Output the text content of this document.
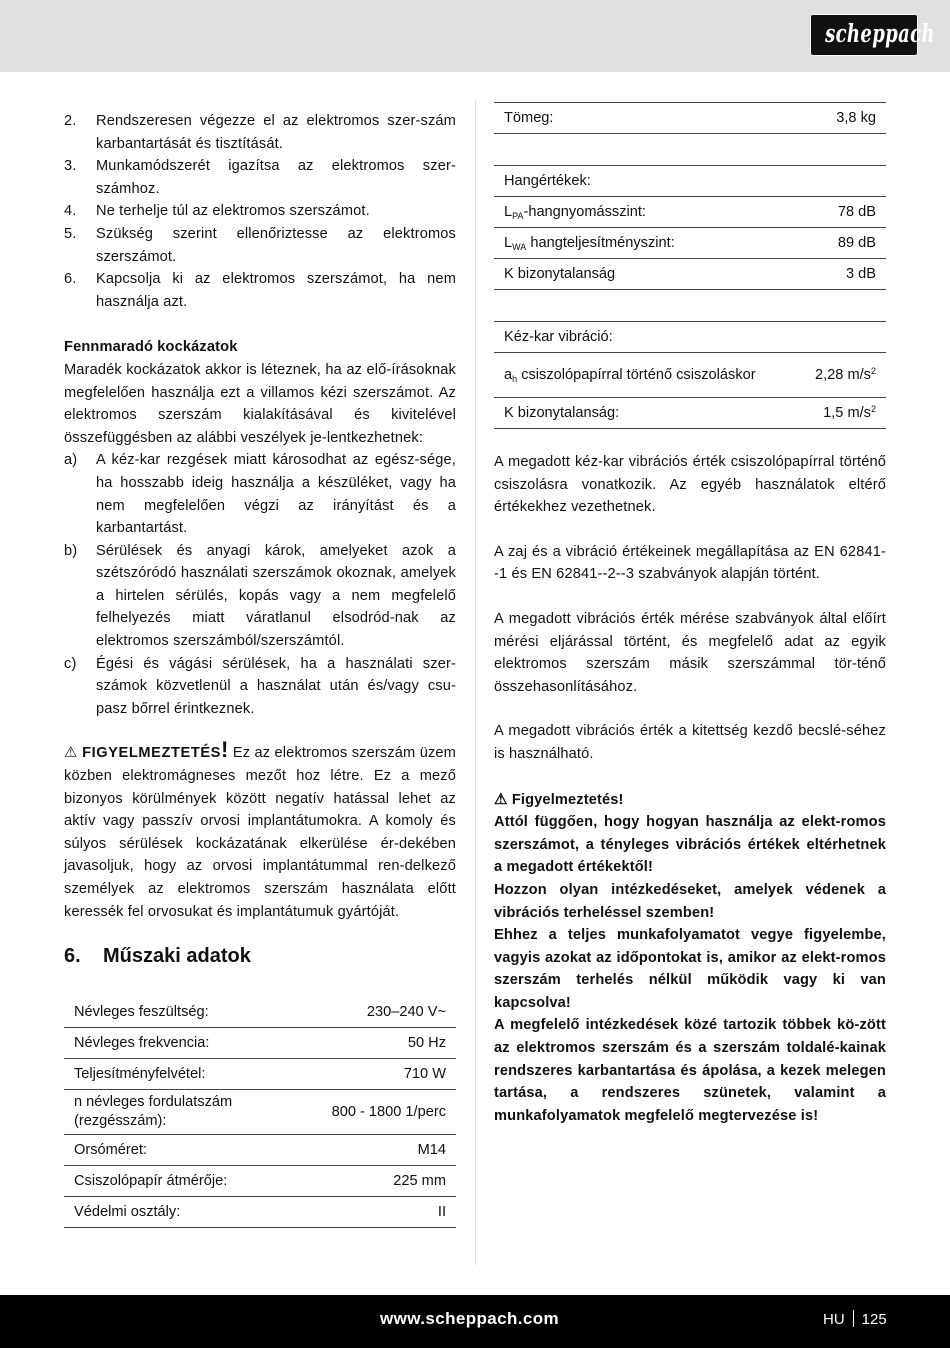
scheppach
2. Rendszeresen végezze el az elektromos szer-szám karbantartását és tisztítását.
3. Munkamódszerét igazítsa az elektromos szer-számhoz.
4. Ne terhelje túl az elektromos szerszámot.
5. Szükség szerint ellenőriztesse az elektromos szerszámot.
6. Kapcsolja ki az elektromos szerszámot, ha nem használja azt.

Fennmaradó kockázatok

Maradék kockázatok akkor is léteznek, ha az elő-írásoknak megfelelően használja ezt a villamos kézi szerszámot. Az elektromos szerszám kialakításával és kivitelével összefüggésben az alábbi veszélyek je-lentkezhetnek:

a) A kéz-kar rezgések miatt károsodhat az egész-sége, ha hosszabb ideig használja a készüléket, vagy ha nem megfelelően végzi az irányítást és a karbantartást.
b) Sérülések és anyagi károk, amelyeket azok a szétszóródó használati szerszámok okoznak, amelyek a hirtelen sérülés, kopás vagy a nem megfelelő felhelyezés miatt váratlanul elsodród-nak az elektromos szerszámból/szerszámtól.
c) Égési és vágási sérülések, ha a használati szer-számok közvetlenül a használat után és/vagy csu-pasz bőrrel érintkeznek.

⚠ FIGYELMEZTETÉS! Ez az elektromos szerszám üzem közben elektromágneses mezőt hoz létre. Ez a mező bizonyos körülmények között negatív hatással lehet az aktív vagy passzív orvosi implantátumokra. A komoly és súlyos sérülések kockázatának elkerülése ér-dekében javasoljuk, hogy az orvosi implantátummal ren-delkező személyek az elektromos szerszám használata előtt keressék fel orvosukat és implantátumuk gyártóját.

6. Műszaki adatok
Névleges feszültség:	230–240 V~
Névleges frekvencia:	50 Hz
Teljesítményfelvétel:	710 W
n névleges fordulatszám (rezgésszám):	800 - 1800 1/perc
Orsóméret:	M14
Csiszolópapír átmérője:	225 mm
Védelmi osztály:	II
Tömeg:	3,8 kg
Hangértékek:	
$L_{PA}$-hangnyomásszint:	78 dB
$L_{WA}$ hangteljesítményszint:	89 dB
K bizonytalanság	3 dB
Kéz-kar vibráció:	
$a_h$ csiszolópapírral történő csiszoláskor	2,28 $m/s^2$
K bizonytalanság:	1,5 $m/s^2$

A megadott kéz-kar vibrációs érték csiszolópapírral történő csiszolásra vonatkozik. Az egyéb használatok eltérő értékekhez vezethetnek.

A zaj és a vibráció értékeinek megállapítása az EN 62841--1 és EN 62841--2--3 szabványok alapján történt.

A megadott vibrációs érték mérése szabványok által előírt mérési eljárással történt, és megfelelő adat az egyik elektromos szerszám másik szerszámmal tör-ténő összehasonlításához.

A megadott vibrációs érték a kitettség kezdő becslé-séhez is használható.

⚠ Figyelmeztetés!

Attól függően, hogy hogyan használja az elekt-romos szerszámot, a tényleges vibrációs értékek eltérhetnek a megadott értékektől!

Hozzon olyan intézkedéseket, amelyek védenek a vibrációs terheléssel szemben!

Ehhez a teljes munkafolyamatot vegye figyelembe, vagyis azokat az időpontokat is, amikor az elekt-romos szerszám terhelés nélkül működik vagy ki van kapcsolva!

A megfelelő intézkedések közé tartozik többek kö-zött az elektromos szerszám és a szerszám toldalé-kainak rendszeres karbantartása és ápolása, a kezek melegen tartása, a rendszeres szünetek, valamint a munkafolyamatok megfelelő megtervezése is!

www.scheppach.com	HU 125
